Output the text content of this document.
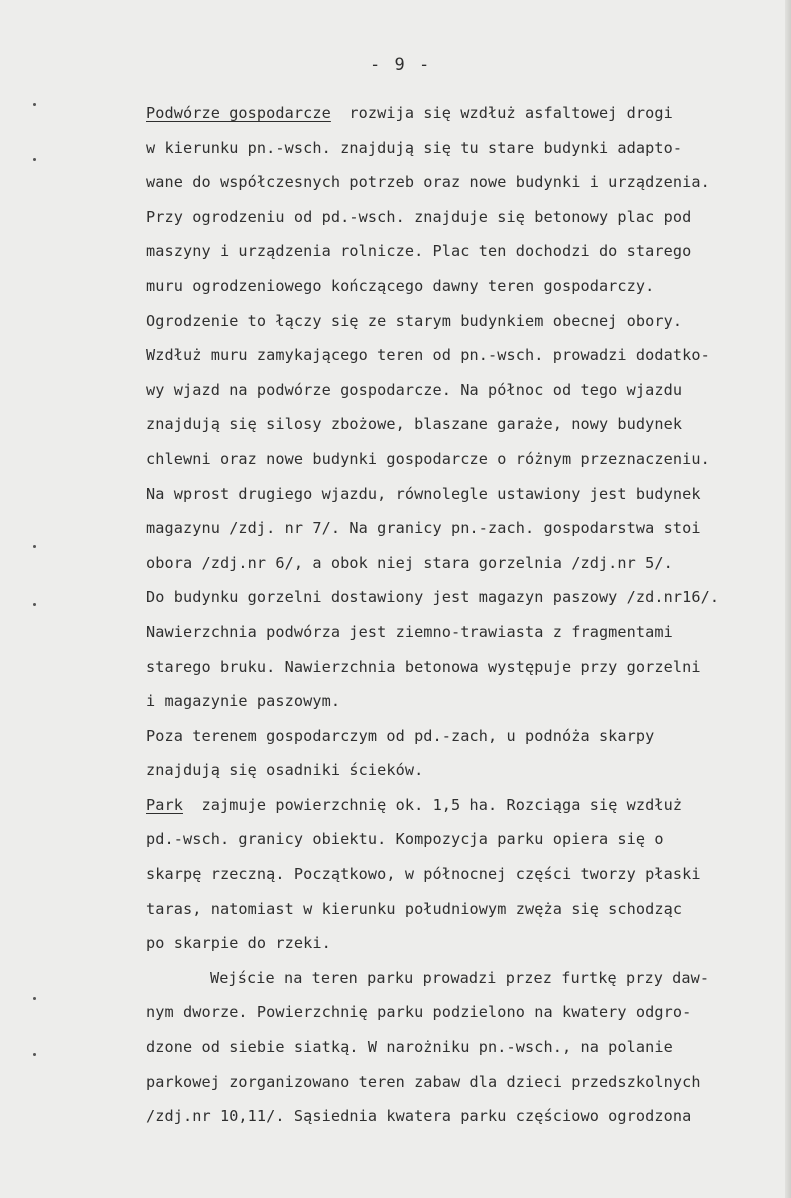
- 9 -
Podwórze gospodarcze  rozwija się wzdłuż asfaltowej drogi
w kierunku pn.-wsch. znajdują się tu stare budynki adapto-
wane do współczesnych potrzeb oraz nowe budynki i urządzenia.
Przy ogrodzeniu od pd.-wsch. znajduje się betonowy plac pod
maszyny i urządzenia rolnicze. Plac ten dochodzi do starego
muru ogrodzeniowego kończącego dawny teren gospodarczy.
Ogrodzenie to łączy się ze starym budynkiem obecnej obory.
Wzdłuż muru zamykającego teren od pn.-wsch. prowadzi dodatko-
wy wjazd na podwórze gospodarcze. Na północ od tego wjazdu
znajdują się silosy zbożowe, blaszane garaże, nowy budynek
chlewni oraz nowe budynki gospodarcze o różnym przeznaczeniu.
Na wprost drugiego wjazdu, równolegle ustawiony jest budynek
magazynu /zdj. nr 7/. Na granicy pn.-zach. gospodarstwa stoi
obora /zdj.nr 6/, a obok niej stara gorzelnia /zdj.nr 5/.
Do budynku gorzelni dostawiony jest magazyn paszowy /zd.nr16/.
Nawierzchnia podwórza jest ziemno-trawiasta z fragmentami
starego bruku. Nawierzchnia betonowa występuje przy gorzelni
i magazynie paszowym.
Poza terenem gospodarczym od pd.-zach, u podnóża skarpy
znajdują się osadniki ścieków.
Park  zajmuje powierzchnię ok. 1,5 ha. Rozciąga się wzdłuż
pd.-wsch. granicy obiektu. Kompozycja parku opiera się o
skarpę rzeczną. Początkowo, w północnej części tworzy płaski
taras, natomiast w kierunku południowym zwęża się schodząc
po skarpie do rzeki.
Wejście na teren parku prowadzi przez furtkę przy daw-
nym dworze. Powierzchnię parku podzielono na kwatery odgro-
dzone od siebie siatką. W narożniku pn.-wsch., na polanie
parkowej zorganizowano teren zabaw dla dzieci przedszkolnych
/zdj.nr 10,11/. Sąsiednia kwatera parku częściowo ogrodzona
